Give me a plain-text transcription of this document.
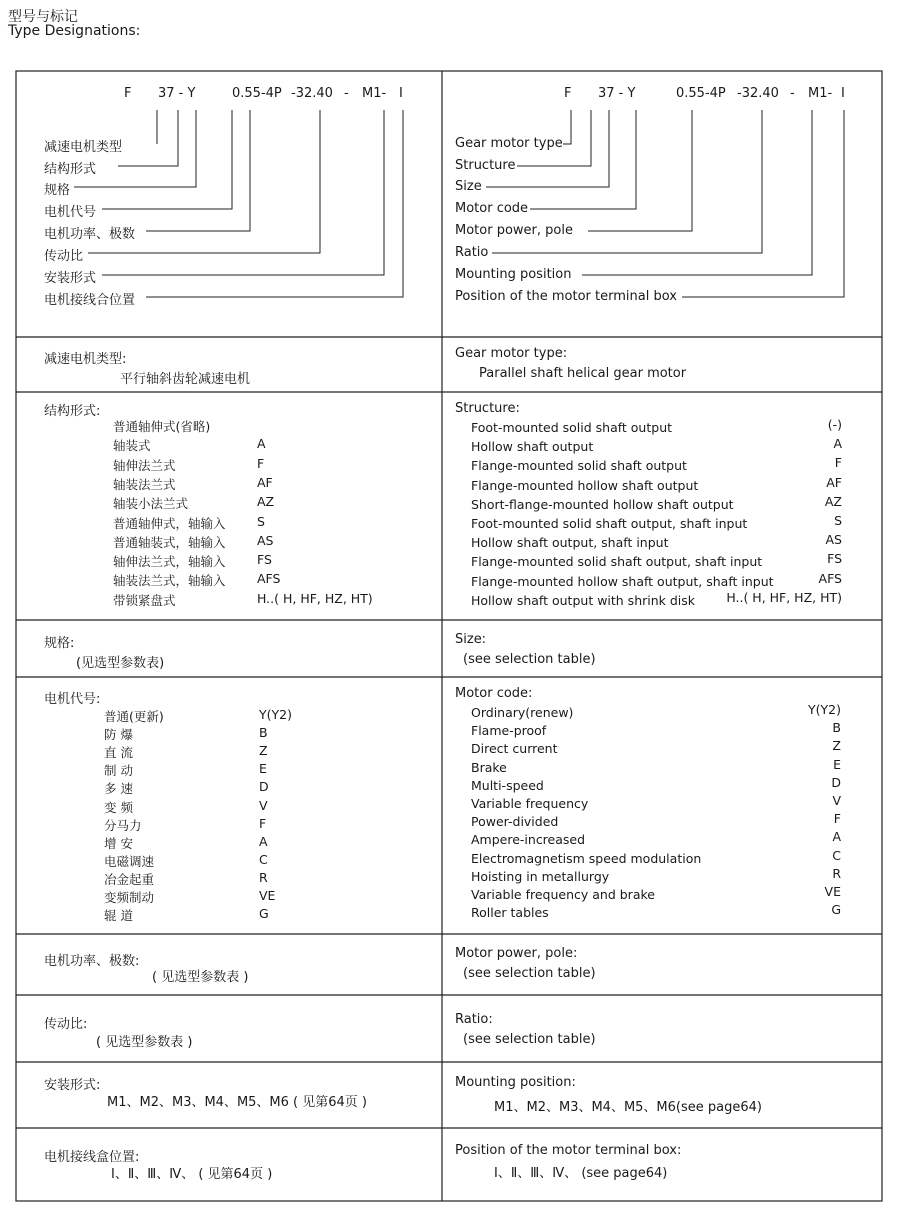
型号与标记
Type Designations:
F 37 - Y	0.55-4P -32.40 - M1- I	F 37 - Y	0.55-4P -32.40 - M1- I
减速电机类型
结构形式
规格
电机代号
电机功率、极数
传动比
安装形式
电机接线合位置
Gear motor type
Structure
Size
Motor code
Motor power, pole
Ratio
Mounting position
Position of the motor terminal box
减速电机类型:
平行轴斜齿轮减速电机
Gear motor type:
Parallel shaft helical gear motor
结构形式:	Structure:
普通轴伸式(省略)
轴装式	A
轴伸法兰式	F
轴装法兰式	AF
轴装小法兰式	AZ
普通轴伸式，轴输入	S
普通轴装式，轴输入	AS
轴伸法兰式，轴输入	FS
轴装法兰式，轴输入	AFS
带锁紧盘式	H..( H, HF, HZ, HT)
Foot-mounted solid shaft output	(-)
Hollow shaft output	A
Flange-mounted solid shaft output	F
Flange-mounted hollow shaft output	AF
Short-flange-mounted hollow shaft output	AZ
Foot-mounted solid shaft output, shaft input	S
Hollow shaft output, shaft input	AS
Flange-mounted solid shaft output, shaft input	FS
Flange-mounted hollow shaft output, shaft input	AFS
Hollow shaft output with shrink disk	H..( H, HF, HZ, HT)
规格:
(见选型参数表)
Size:
(see selection table)
电机代号:	Motor code:
普通(更新)	Y(Y2)
防 爆	B
直 流	Z
制 动	E
多 速	D
变 频	V
分马力	F
增 安	A
电磁调速	C
冶金起重	R
变频制动	VE
辊 道	G
Ordinary(renew)	Y(Y2)
Flame-proof	B
Direct current	Z
Brake	E
Multi-speed	D
Variable frequency	V
Power-divided	F
Ampere-increased	A
Electromagnetism speed modulation	C
Hoisting in metallurgy	R
Variable frequency and brake	VE
Roller tables	G
电机功率、极数:
( 见选型参数表 )
Motor power, pole:
(see selection table)
传动比:
( 见选型参数表 )
Ratio:
(see selection table)
安装形式:
M1、M2、M3、M4、M5、M6 ( 见第64页 )
Mounting position:
M1、M2、M3、M4、M5、M6(see page64)
电机接线盒位置:
Ⅰ、Ⅱ、Ⅲ、Ⅳ、 ( 见第64页 )
Position of the motor terminal box:
Ⅰ、Ⅱ、Ⅲ、Ⅳ、 (see page64)
